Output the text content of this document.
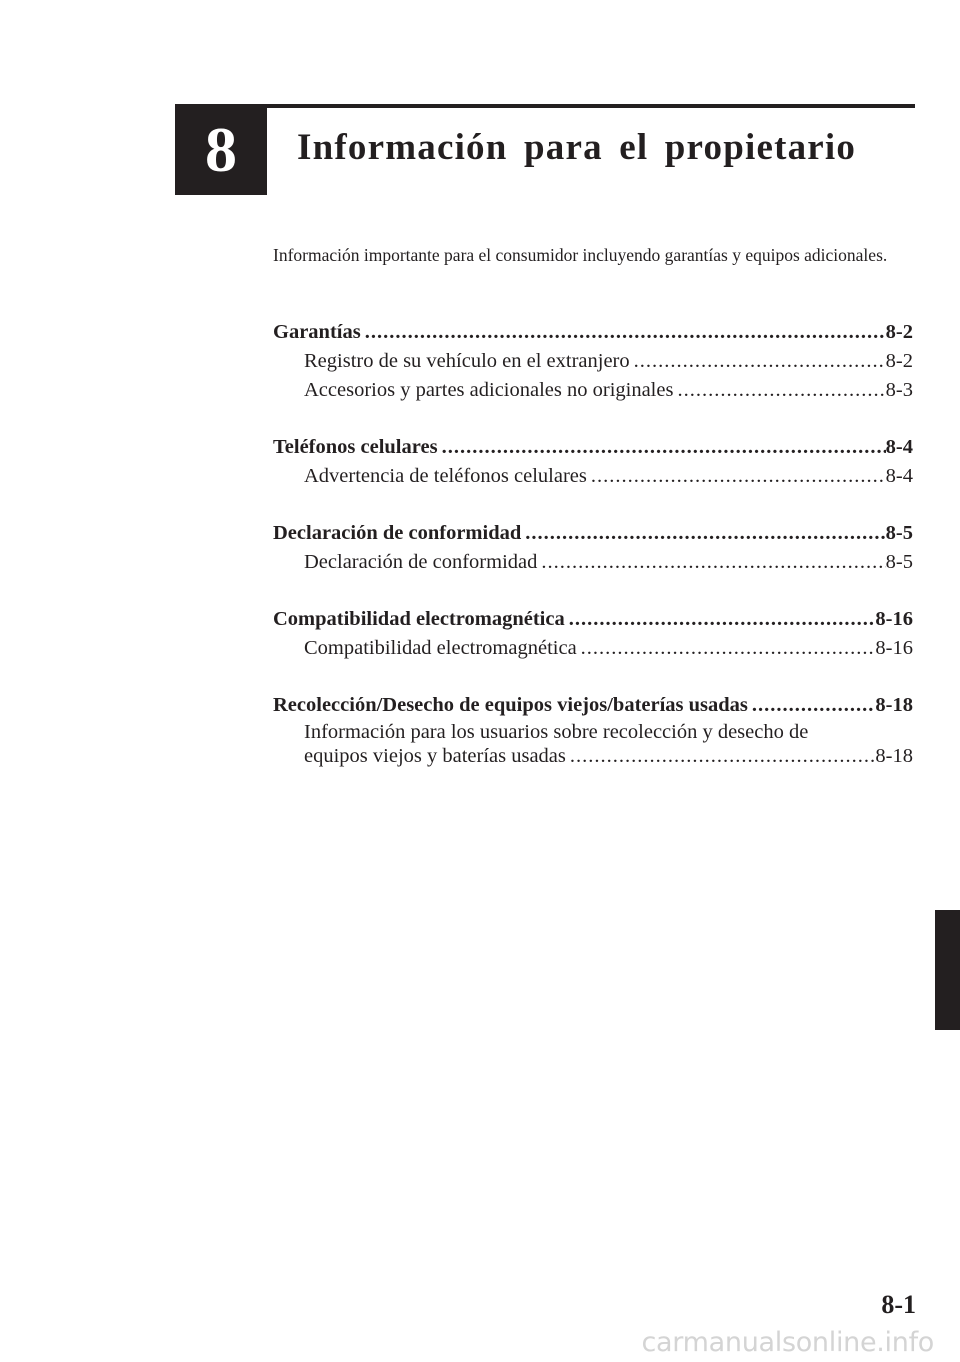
8 Información para el propietario
Información importante para el consumidor incluyendo garantías y equipos adicionales.
Garantías .....	8-2
Registro de su vehículo en el extranjero .....	8-2
Accesorios y partes adicionales no originales .....	8-3
Teléfonos celulares .....	8-4
Advertencia de teléfonos celulares .....	8-4
Declaración de conformidad .....	8-5
Declaración de conformidad .....	8-5
Compatibilidad electromagnética .....	8-16
Compatibilidad electromagnética .....	8-16
Recolección/Desecho de equipos viejos/baterías usadas .....	8-18
Información para los usuarios sobre recolección y desecho de
equipos viejos y baterías usadas .....	8-18
8-1
carmanualsonline.info
